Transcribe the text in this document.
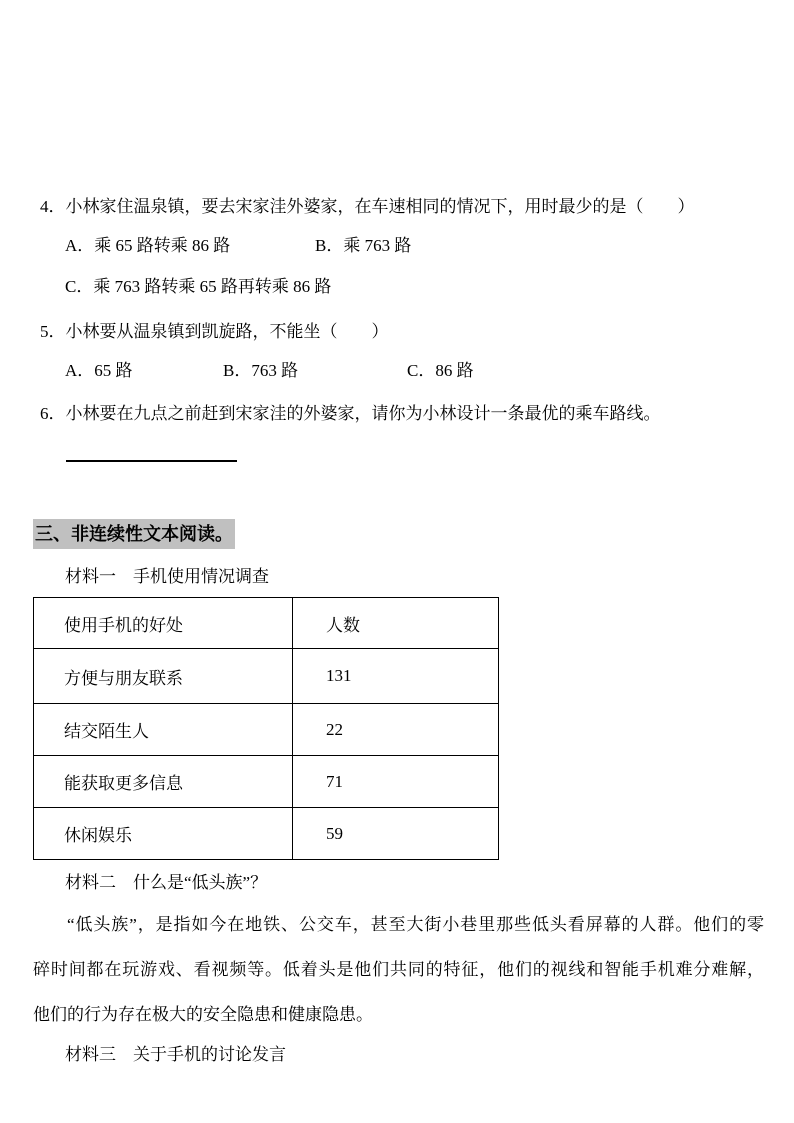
4．小林家住温泉镇，要去宋家洼外婆家，在车速相同的情况下，用时最少的是（　　）
A．乘 65 路转乘 86 路	B．乘 763 路
C．乘 763 路转乘 65 路再转乘 86 路
5．小林要从温泉镇到凯旋路，不能坐（　　）
A．65 路	B．763 路	C．86 路
6．小林要在九点之前赶到宋家洼的外婆家，请你为小林设计一条最优的乘车路线。
三、非连续性文本阅读。
材料一　手机使用情况调查
使用手机的好处	人数
方便与朋友联系	131
结交陌生人	22
能获取更多信息	71
休闲娱乐	59
材料二　什么是“低头族”？
“低头族”，是指如今在地铁、公交车，甚至大街小巷里那些低头看屏幕的人群。他们的零
碎时间都在玩游戏、看视频等。低着头是他们共同的特征，他们的视线和智能手机难分难解，
他们的行为存在极大的安全隐患和健康隐患。
材料三　关于手机的讨论发言
